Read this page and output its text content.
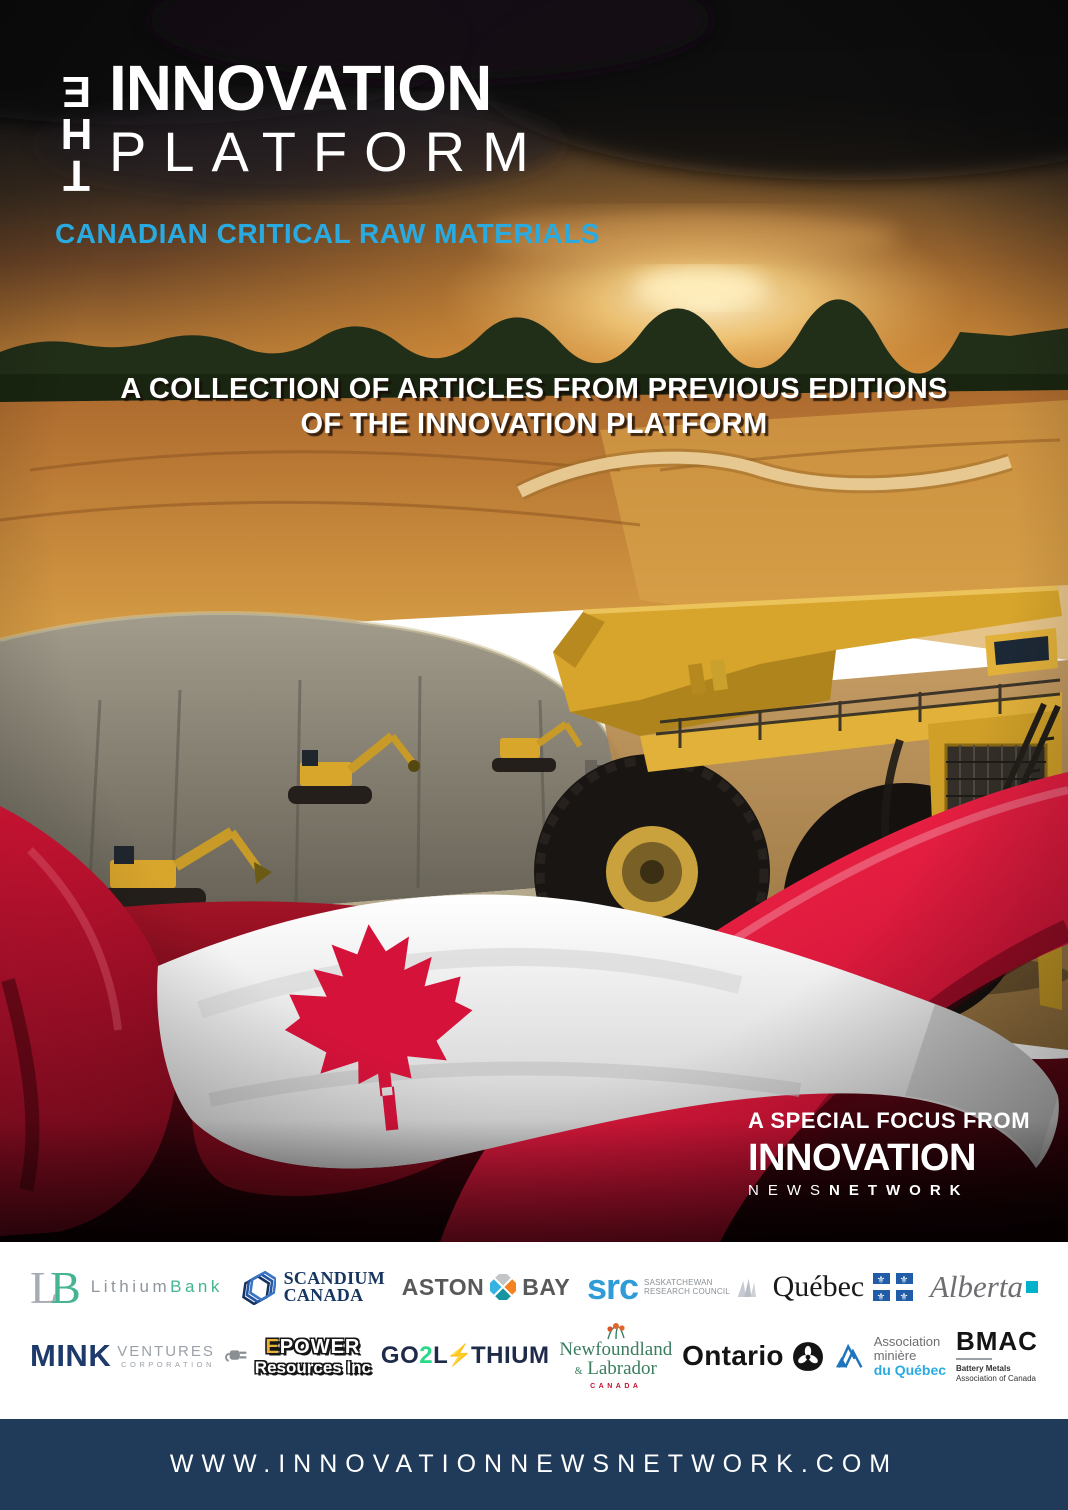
THE INNOVATION
PLATFORM
CANADIAN CRITICAL RAW MATERIALS
A COLLECTION OF ARTICLES FROM PREVIOUS EDITIONS
OF THE INNOVATION PLATFORM
A SPECIAL FOCUS FROM
INNOVATION
NEWSNETWORK
L
B LithiumBank	SCANDIUM
CANADA	ASTON BAY src SASKATCHEWAN
RESEARCH COUNCIL Québec ⚜ ⚜
⚜ ⚜ Alberta
MINK VENTURES
CORPORATION
EPOWER
Resources Inc GO 2 L
⚡
THIUM Newfoundland
& Labrador
CANADA
Ontario	Association
minière
du Québec
BMAC
Battery Metals
Association of Canada
WWW.INNOVATIONNEWSNETWORK.COM
